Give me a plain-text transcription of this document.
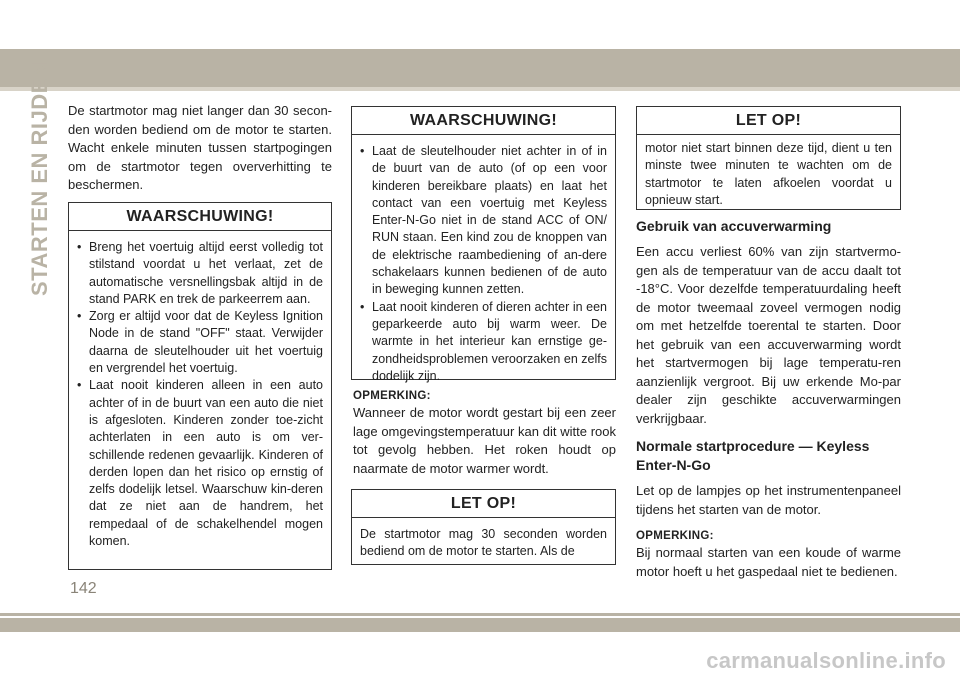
STARTEN EN RIJDEN De startmotor mag niet langer dan 30 secon-den worden bediend om de motor te starten. Wacht enkele minuten tussen startpogingen om de startmotor tegen oververhitting te beschermen.

WAARSCHUWING!
• Breng het voertuig altijd eerst volledig tot stilstand voordat u het verlaat, zet de automatische versnellingsbak altijd in de stand PARK en trek de parkeerrem aan.
• Zorg er altijd voor dat de Keyless Ignition Node in de stand "OFF" staat. Verwijder daarna de sleutelhouder uit het voertuig en vergrendel het voertuig.
• Laat nooit kinderen alleen in een auto achter of in de buurt van een auto die niet is afgesloten. Kinderen zonder toe-zicht achterlaten in een auto is om ver-schillende redenen gevaarlijk. Kinderen of derden lopen dan het risico op ernstig of zelfs dodelijk letsel. Waarschuw kin-deren dat ze niet aan de handrem, het rempedaal of de schakelhendel mogen komen.
WAARSCHUWING!
• Laat de sleutelhouder niet achter in of in de buurt van de auto (of op een voor kinderen bereikbare plaats) en laat het contact van een voertuig met Keyless Enter-N-Go niet in de stand ACC of ON/ RUN staan. Een kind zou de knoppen van de elektrische raambediening of an-dere schakelaars kunnen bedienen of de auto in beweging kunnen zetten.
• Laat nooit kinderen of dieren achter in een geparkeerde auto bij warm weer. De warmte in het interieur kan ernstige ge-zondheidsproblemen veroorzaken en zelfs dodelijk zijn.

OPMERKING:

Wanneer de motor wordt gestart bij een zeer lage omgevingstemperatuur kan dit witte rook tot gevolg hebben. Het roken houdt op naarmate de motor warmer wordt.

LET OP!

De startmotor mag 30 seconden worden bediend om de motor te starten. Als de

LET OP!

motor niet start binnen deze tijd, dient u ten minste twee minuten te wachten om de startmotor te laten afkoelen voordat u opnieuw start.

Gebruik van accuverwarming

Een accu verliest 60% van zijn startvermo-gen als de temperatuur van de accu daalt tot -18°C. Voor dezelfde temperatuurdaling heeft de motor tweemaal zoveel vermogen nodig om met hetzelfde toerental te starten. Door het gebruik van een accuverwarming wordt het startvermogen bij lage temperatu-ren aanzienlijk vergroot. Bij uw erkende Mo-par dealer zijn geschikte accuverwarmingen verkrijgbaar.

Normale startprocedure — Keyless Enter-N-Go

Let op de lampjes op het instrumentenpaneel tijdens het starten van de motor.

OPMERKING:

Bij normaal starten van een koude of warme motor hoeft u het gaspedaal niet te bedienen.

142
carmanualsonline.info
